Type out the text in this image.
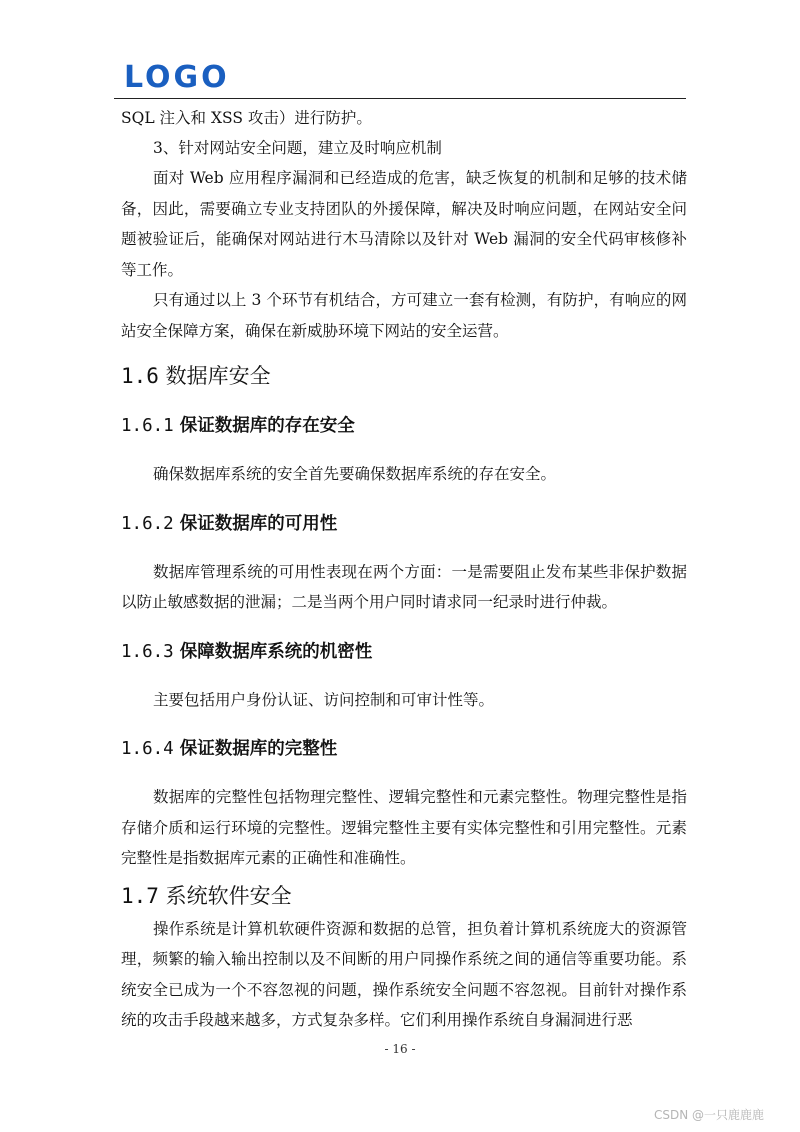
LOGO

SQL 注入和 XSS 攻击）进行防护。

3、针对网站安全问题，建立及时响应机制

面对 Web 应用程序漏洞和已经造成的危害，缺乏恢复的机制和足够的技术储备，因此，需要确立专业支持团队的外援保障，解决及时响应问题，在网站安全问题被验证后，能确保对网站进行木马清除以及针对 Web 漏洞的安全代码审核修补等工作。

只有通过以上 3 个环节有机结合，方可建立一套有检测，有防护，有响应的网站安全保障方案，确保在新威胁环境下网站的安全运营。

1.6 数据库安全
1.6.1 保证数据库的存在安全

确保数据库系统的安全首先要确保数据库系统的存在安全。

1.6.2 保证数据库的可用性

数据库管理系统的可用性表现在两个方面：一是需要阻止发布某些非保护数据以防止敏感数据的泄漏；二是当两个用户同时请求同一纪录时进行仲裁。

1.6.3 保障数据库系统的机密性

主要包括用户身份认证、访问控制和可审计性等。

1.6.4 保证数据库的完整性

数据库的完整性包括物理完整性、逻辑完整性和元素完整性。物理完整性是指存储介质和运行环境的完整性。逻辑完整性主要有实体完整性和引用完整性。元素完整性是指数据库元素的正确性和准确性。

1.7 系统软件安全

操作系统是计算机软硬件资源和数据的总管，担负着计算机系统庞大的资源管理，频繁的输入输出控制以及不间断的用户同操作系统之间的通信等重要功能。系统安全已成为一个不容忽视的问题，操作系统安全问题不容忽视。目前针对操作系统的攻击手段越来越多，方式复杂多样。它们利用操作系统自身漏洞进行恶

- 16 -
CSDN @一只鹿鹿鹿
